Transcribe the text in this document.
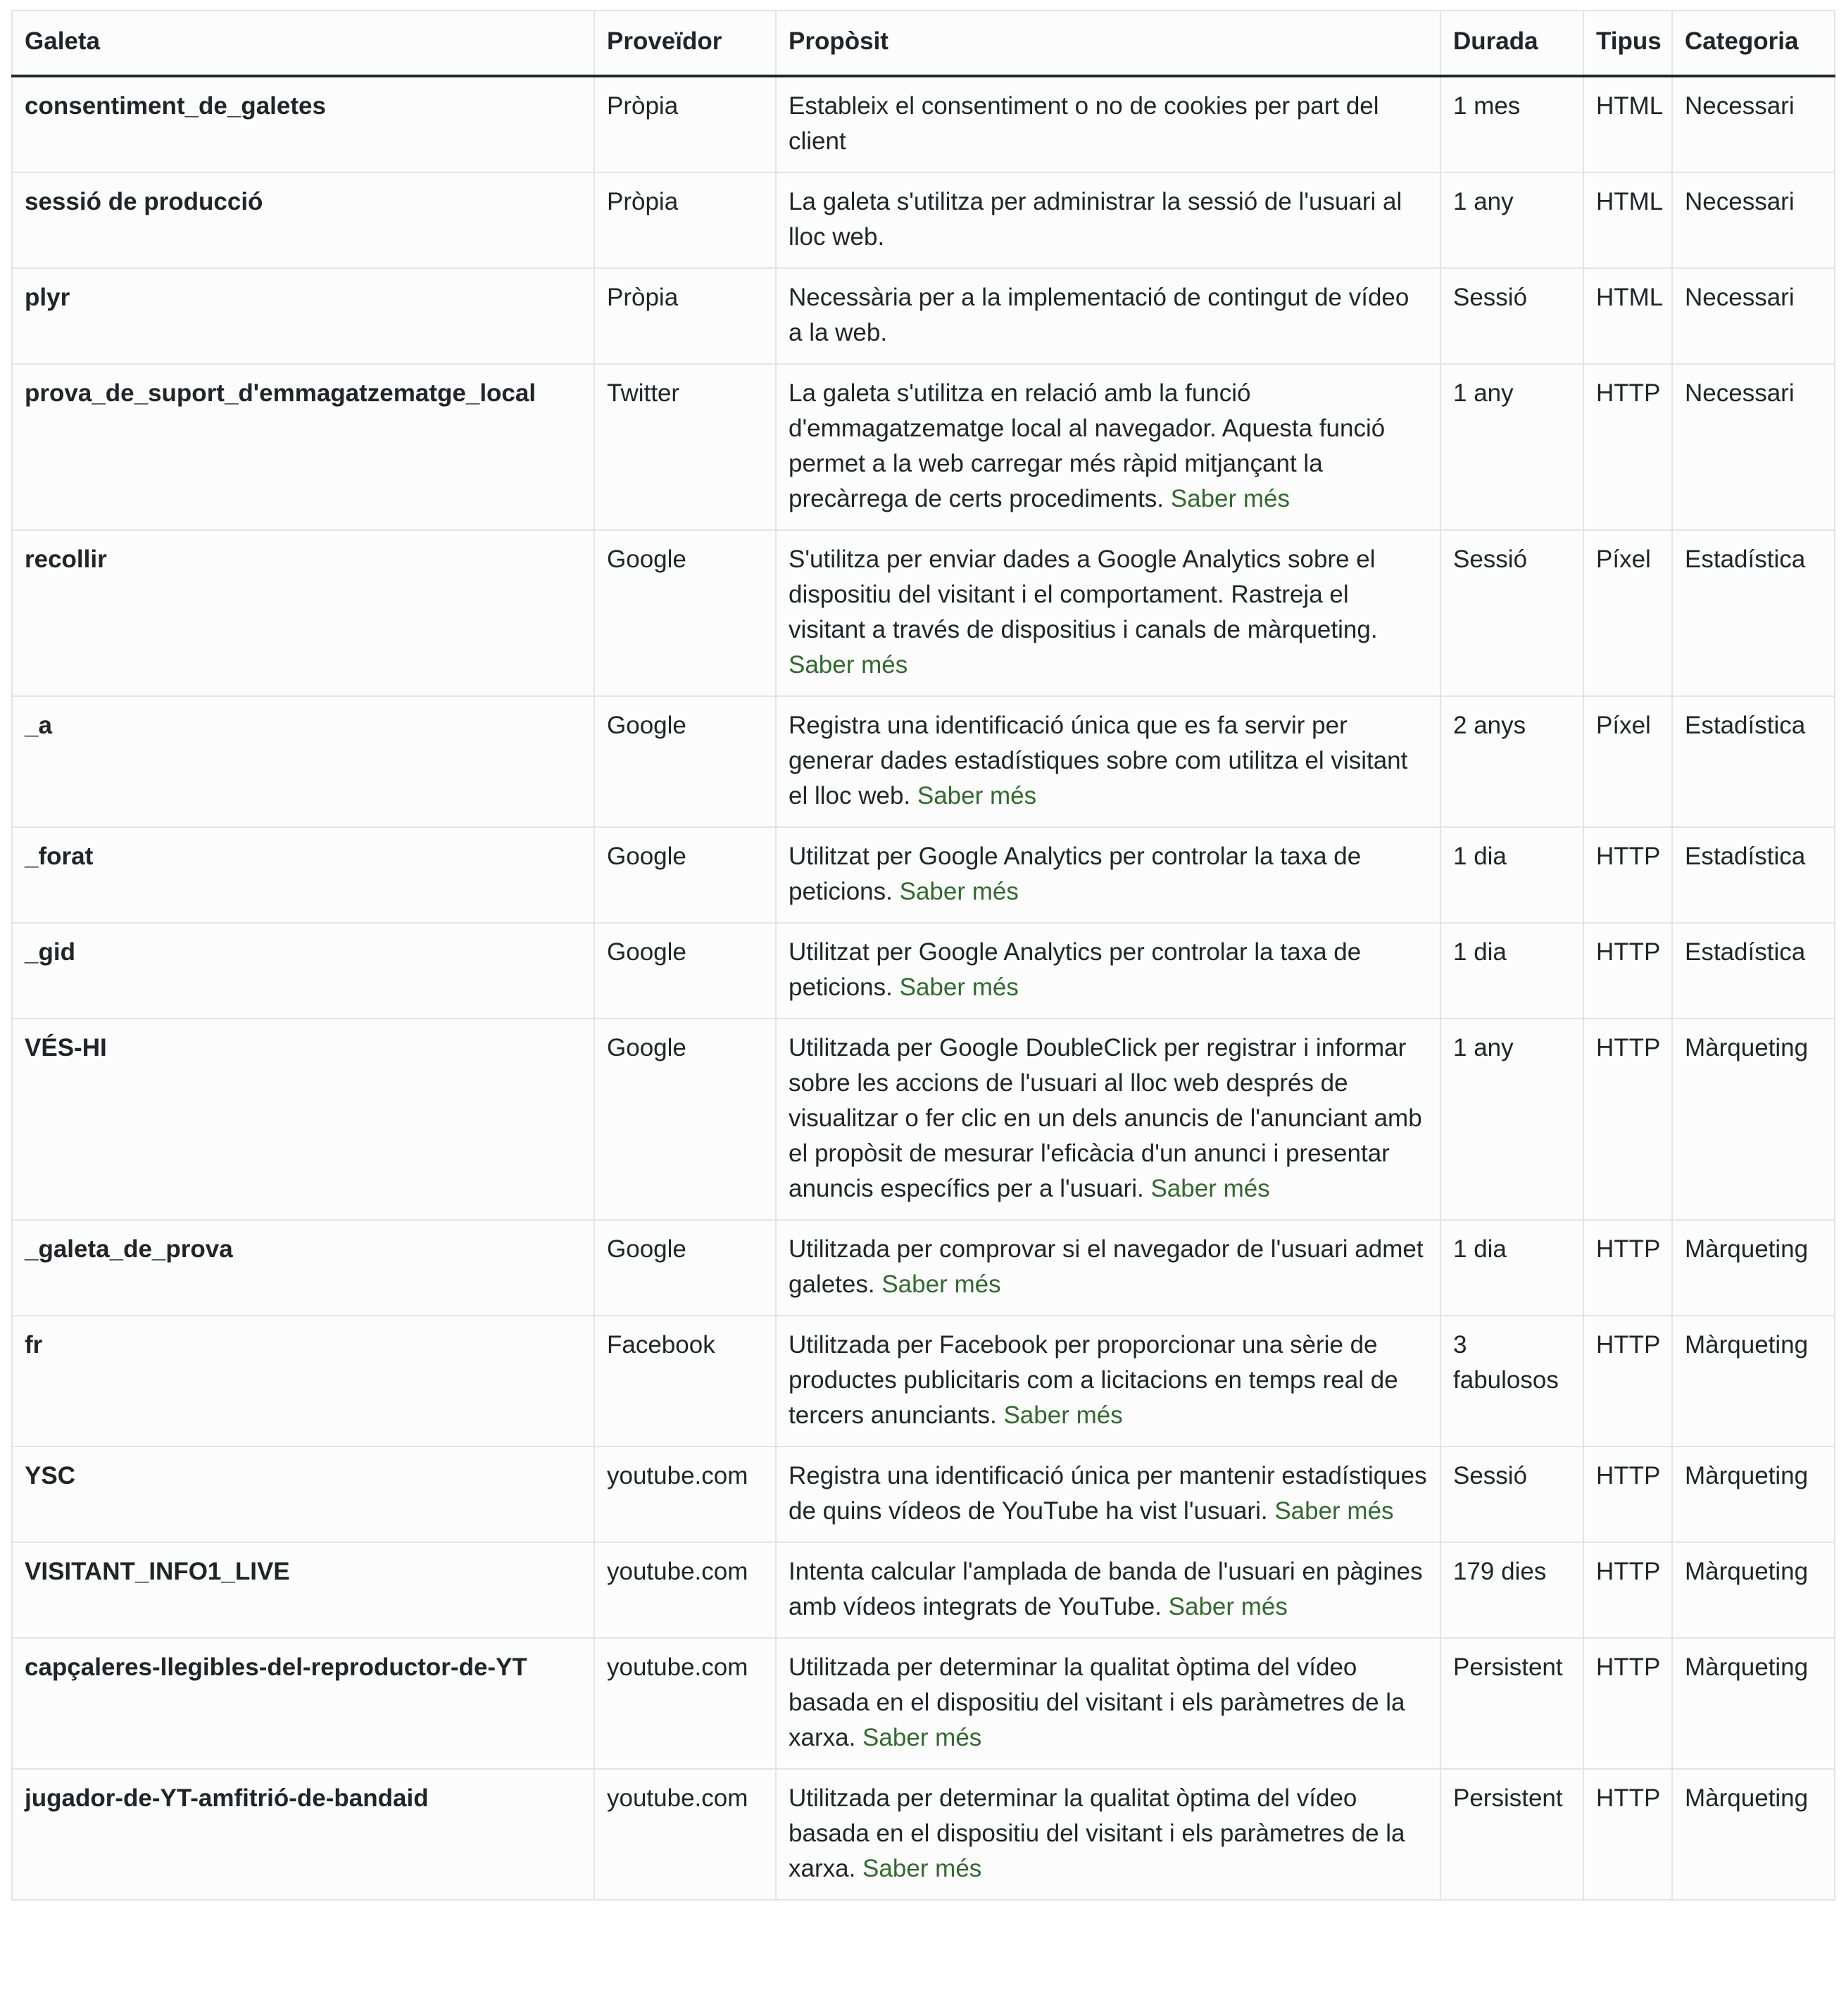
Galeta	Proveïdor	Propòsit	Durada	Tipus	Categoria
consentiment_de_galetes	Pròpia	Estableix el consentiment o no de cookies per part del client	1 mes	HTML	Necessari
sessió de producció	Pròpia	La galeta s'utilitza per administrar la sessió de l'usuari al lloc web.	1 any	HTML	Necessari
plyr	Pròpia	Necessària per a la implementació de contingut de vídeo a la web.	Sessió	HTML	Necessari
prova_de_suport_d'emmagatzematge_local	Twitter	La galeta s'utilitza en relació amb la funció d'emmagatzematge local al navegador. Aquesta funció permet a la web carregar més ràpid mitjançant la precàrrega de certs procediments. Saber més	1 any	HTTP	Necessari
recollir	Google	S'utilitza per enviar dades a Google Analytics sobre el dispositiu del visitant i el comportament. Rastreja el visitant a través de dispositius i canals de màrqueting. Saber més	Sessió	Píxel	Estadística
_a	Google	Registra una identificació única que es fa servir per generar dades estadístiques sobre com utilitza el visitant el lloc web. Saber més	2 anys	Píxel	Estadística
_forat	Google	Utilitzat per Google Analytics per controlar la taxa de peticions. Saber més	1 dia	HTTP	Estadística
_gid	Google	Utilitzat per Google Analytics per controlar la taxa de peticions. Saber més	1 dia	HTTP	Estadística
VÉS-HI	Google	Utilitzada per Google DoubleClick per registrar i informar sobre les accions de l'usuari al lloc web després de visualitzar o fer clic en un dels anuncis de l'anunciant amb el propòsit de mesurar l'eficàcia d'un anunci i presentar anuncis específics per a l'usuari. Saber més	1 any	HTTP	Màrqueting
_galeta_de_prova	Google	Utilitzada per comprovar si el navegador de l'usuari admet galetes. Saber més	1 dia	HTTP	Màrqueting
fr	Facebook	Utilitzada per Facebook per proporcionar una sèrie de productes publicitaris com a licitacions en temps real de tercers anunciants. Saber més	3 fabulosos	HTTP	Màrqueting
YSC	youtube.com	Registra una identificació única per mantenir estadístiques de quins vídeos de YouTube ha vist l'usuari. Saber més	Sessió	HTTP	Màrqueting
VISITANT_INFO1_LIVE	youtube.com	Intenta calcular l'amplada de banda de l'usuari en pàgines amb vídeos integrats de YouTube. Saber més	179 dies	HTTP	Màrqueting
capçaleres-llegibles-del-reproductor-de-YT	youtube.com	Utilitzada per determinar la qualitat òptima del vídeo basada en el dispositiu del visitant i els paràmetres de la xarxa. Saber més	Persistent	HTTP	Màrqueting
jugador-de-YT-amfitrió-de-bandaid	youtube.com	Utilitzada per determinar la qualitat òptima del vídeo basada en el dispositiu del visitant i els paràmetres de la xarxa. Saber més	Persistent	HTTP	Màrqueting
